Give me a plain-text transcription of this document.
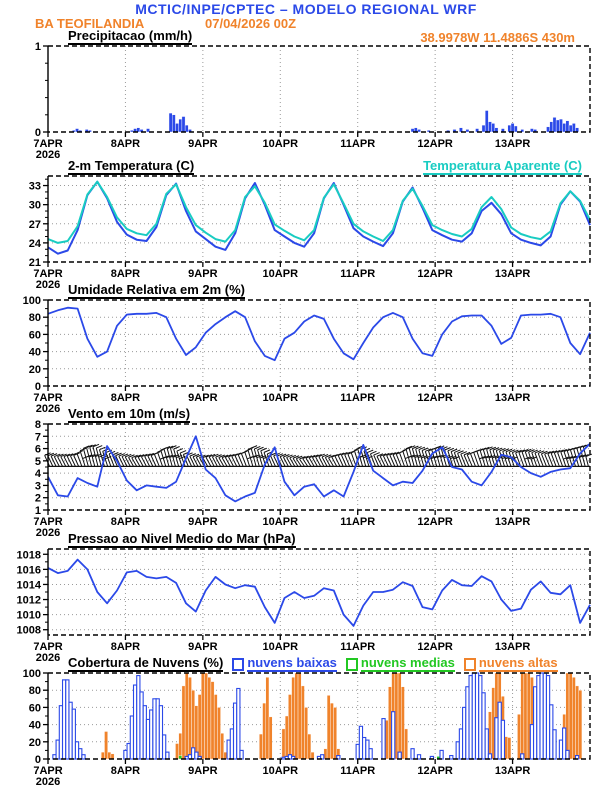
0
1
7APR
2026
8APR	9APR	10APR	11APR	12APR	13APR
21
24
27
30
33
7APR
2026
8APR	9APR	10APR	11APR	12APR	13APR
0
20
40
60
80
100
7APR
2026
8APR	9APR	10APR	11APR	12APR	13APR
1
2
3
4
5
6
7
8
7APR
2026
8APR	9APR	10APR	11APR	12APR	13APR
1008
1010
1012
1014
1016
1018
7APR
2026
8APR	9APR	10APR	11APR	12APR	13APR
0
20
40
60
80
100
7APR
2026
8APR	9APR	10APR	11APR	12APR	13APR
MCTIC/INPE/CPTEC – MODELO REGIONAL WRF
BA TEOFILANDIA	07/04/2026 00Z
38.9978W 11.4886S 430m
Precipitacao (mm/h)
2-m Temperatura (C)	Temperatura Aparente (C)
Umidade Relativa em 2m (%)
Vento em 10m (m/s)
Pressao ao Nivel Medio do Mar (hPa)
Cobertura de Nuvens (%) nuvens baixas nuvens medias nuvens altas
